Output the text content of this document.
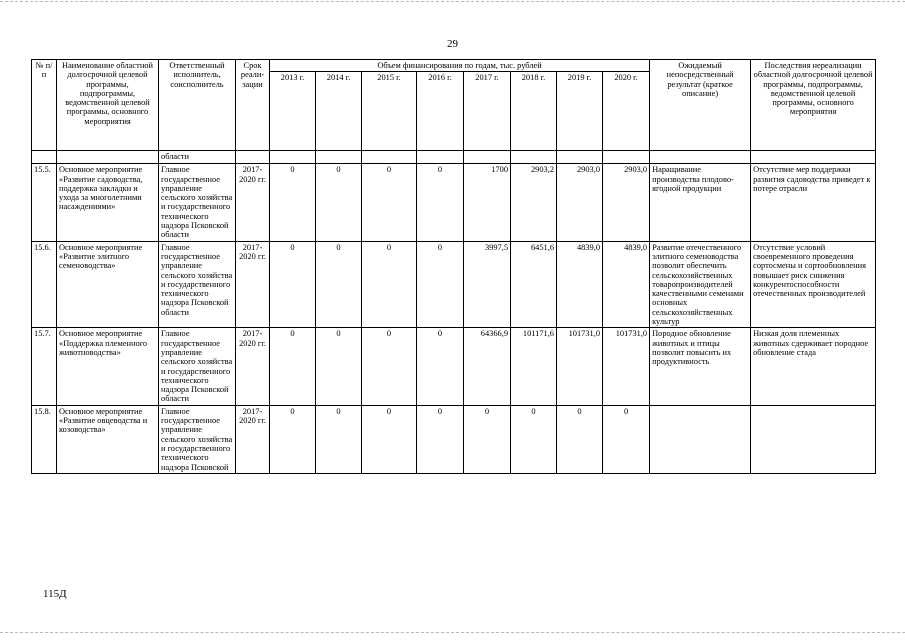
29
№ п/п	Наименование областной долгосрочной целевой программы, подпрограммы, ведомственной целевой программы, основного мероприятия	Ответственный исполнитель, соисполнитель	Срок реали-зации	Объем финансирования по годам, тыс. рублей								Ожидаемый непосредственный результат (краткое описание)	Последствия нереализации областной долгосрочной целевой программы, подпрограммы, ведомственной целевой программы, основного мероприятия
				2013 г.	2014 г.	2015 г.	2016 г.	2017 г.	2018 г.	2019 г.	2020 г.		
		области											
15.5.	Основное мероприятие «Развитие садоводства, поддержка закладки и ухода за многолетними насаждениями»	Главное государственное управление сельского хозяйства и государственного технического надзора Псковской области	2017-2020 гг.	0	0	0	0	1700	2903,2	2903,0	2903,0	Наращивание производства плодово-ягодной продукции	Отсутствие мер поддержки развития садоводства приведет к потере отрасли
15.6.	Основное мероприятие «Развитие элитного семеноводства»	Главное государственное управление сельского хозяйства и государственного технического надзора Псковской области	2017-2020 гг.	0	0	0	0	3997,5	6451,6	4839,0	4839,0	Развитие отечественного элитного семеноводства позволит обеспечить сельскохозяйственных товаропроизводителей качественными семенами основных сельскохозяйственных культур	Отсутствие условий своевременного проведения сортосмены и сортообновления повышает риск снижения конкурентоспособности отечественных производителей
15.7.	Основное мероприятие «Поддержка племенного животноводства»	Главное государственное управление сельского хозяйства и государственного технического надзора Псковской области	2017-2020 гг.	0	0	0	0	64366,9	101171,6	101731,0	101731,0	Породное обновление животных и птицы позволит повысить их продуктивность	Низкая доля племенных животных сдерживает породное обновление стада
15.8.	Основное мероприятие «Развитие овцеводства и козоводства»	Главное государственное управление сельского хозяйства и государственного технического надзора Псковской	2017-2020 гг.	0	0	0	0	0	0	0	0		
115Д
